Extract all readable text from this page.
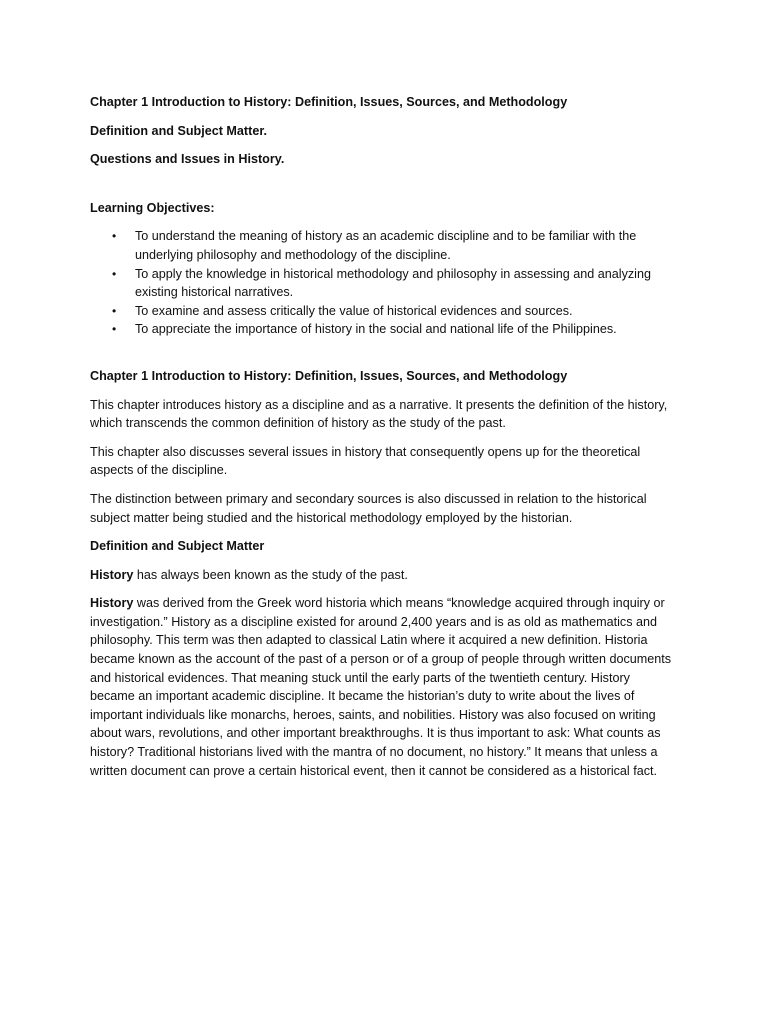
Chapter 1 Introduction to History: Definition, Issues, Sources, and Methodology

Definition and Subject Matter.

Questions and Issues in History.

Learning Objectives:

• To understand the meaning of history as an academic discipline and to be familiar with the underlying philosophy and methodology of the discipline.
• To apply the knowledge in historical methodology and philosophy in assessing and analyzing existing historical narratives.
• To examine and assess critically the value of historical evidences and sources.
• To appreciate the importance of history in the social and national life of the Philippines.

Chapter 1 Introduction to History: Definition, Issues, Sources, and Methodology

This chapter introduces history as a discipline and as a narrative. It presents the definition of the history, which transcends the common definition of history as the study of the past.

This chapter also discusses several issues in history that consequently opens up for the theoretical aspects of the discipline.

The distinction between primary and secondary sources is also discussed in relation to the historical subject matter being studied and the historical methodology employed by the historian.

Definition and Subject Matter

History has always been known as the study of the past.

History was derived from the Greek word historia which means “knowledge acquired through inquiry or investigation.” History as a discipline existed for around 2,400 years and is as old as mathematics and philosophy. This term was then adapted to classical Latin where it acquired a new definition. Historia became known as the account of the past of a person or of a group of people through written documents and historical evidences. That meaning stuck until the early parts of the twentieth century. History became an important academic discipline. It became the historian’s duty to write about the lives of important individuals like monarchs, heroes, saints, and nobilities. History was also focused on writing about wars, revolutions, and other important breakthroughs. It is thus important to ask: What counts as history? Traditional historians lived with the mantra of no document, no history.” It means that unless a written document can prove a certain historical event, then it cannot be considered as a historical fact.
